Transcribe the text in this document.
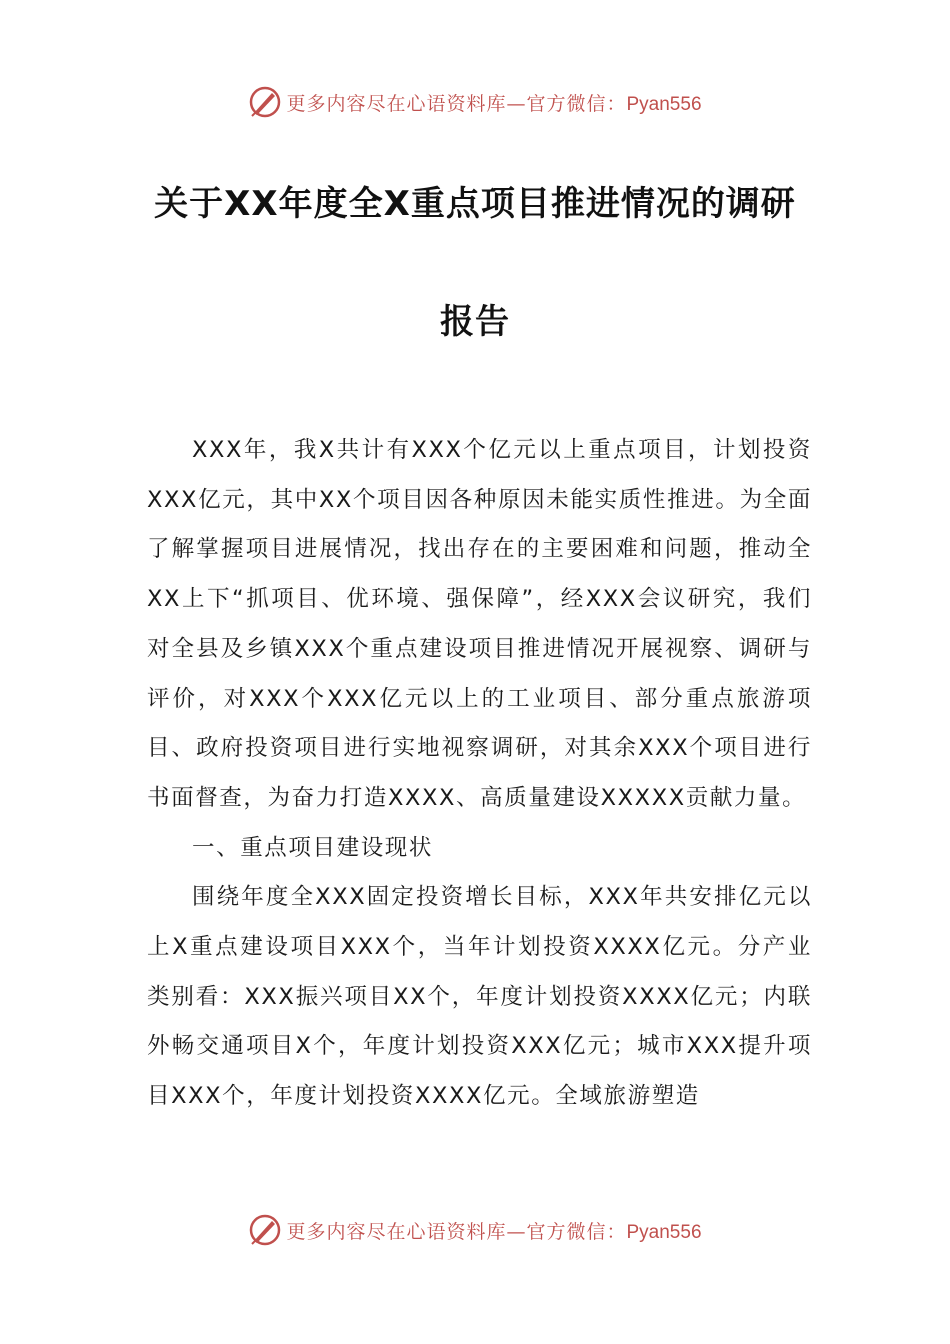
更多内容尽在心语资料库—官方微信：Pyan556
关于XX年度全X重点项目推进情况的调研
报告

XXX年，我X共计有XXX个亿元以上重点项目，计划投资XXX亿元，其中XX个项目因各种原因未能实质性推进。为全面了解掌握项目进展情况，找出存在的主要困难和问题，推动全XX上下“抓项目、优环境、强保障”，经XXX会议研究，我们对全县及乡镇XXX个重点建设项目推进情况开展视察、调研与评价，对XXX个XXX亿元以上的工业项目、部分重点旅游项目、政府投资项目进行实地视察调研，对其余XXX个项目进行书面督查，为奋力打造XXXX、高质量建设XXXXX贡献力量。

一、重点项目建设现状

围绕年度全XXX固定投资增长目标，XXX年共安排亿元以上X重点建设项目XXX个，当年计划投资XXXX亿元。分产业类别看：XXX振兴项目XX个，年度计划投资XXXX亿元；内联外畅交通项目X个，年度计划投资XXX亿元；城市XXX提升项目XXX个，年度计划投资XXXX亿元。全域旅游塑造

更多内容尽在心语资料库—官方微信：Pyan556
